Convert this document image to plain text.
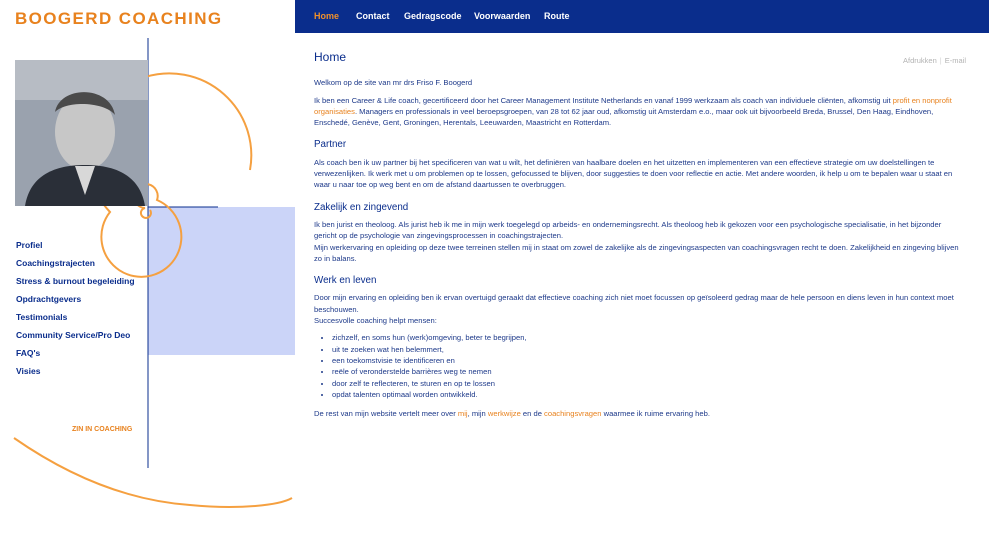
BOOGERD COACHING	Home Contact Gedragscode Voorwaarden Route
Profiel
Coachingstrajecten
Stress & burnout begeleiding
Opdrachtgevers
Testimonials
Community Service/Pro Deo
FAQ's
Visies
ZIN IN COACHING
Afdrukken | E-mail
Home

Welkom op de site van mr drs Friso F. Boogerd

Ik ben een Career & Life coach, gecertificeerd door het Career Management Institute Netherlands en vanaf 1999 werkzaam als coach van individuele cliënten, afkomstig uit profit en nonprofit organisaties. Managers en professionals in veel beroepsgroepen, van 28 tot 62 jaar oud, afkomstig uit Amsterdam e.o., maar ook uit bijvoorbeeld Breda, Brussel, Den Haag, Eindhoven, Enschedé, Genève, Gent, Groningen, Herentals, Leeuwarden, Maastricht en Rotterdam.

Partner

Als coach ben ik uw partner bij het specificeren van wat u wilt, het definiëren van haalbare doelen en het uitzetten en implementeren van een effectieve strategie om uw doelstellingen te verwezenlijken. Ik werk met u om problemen op te lossen, gefocussed te blijven, door suggesties te doen voor reflectie en actie. Met andere woorden, ik help u om te bepalen waar u staat en waar u naar toe op weg bent en om de afstand daartussen te overbruggen.

Zakelijk en zingevend

Ik ben jurist en theoloog. Als jurist heb ik me in mijn werk toegelegd op arbeids- en ondernemingsrecht. Als theoloog heb ik gekozen voor een psychologische specialisatie, in het bijzonder gericht op de psychologie van zingevingsprocessen in coachingstrajecten.
Mijn werkervaring en opleiding op deze twee terreinen stellen mij in staat om zowel de zakelijke als de zingevingsaspecten van coachingsvragen recht te doen. Zakelijkheid en zingeving blijven zo in balans.

Werk en leven

Door mijn ervaring en opleiding ben ik ervan overtuigd geraakt dat effectieve coaching zich niet moet focussen op geïsoleerd gedrag maar de hele persoon en diens leven in hun context moet beschouwen.
Succesvolle coaching helpt mensen:

• zichzelf, en soms hun (werk)omgeving, beter te begrijpen,
• uit te zoeken wat hen belemmert,
• een toekomstvisie te identificeren en
• reële of veronderstelde barrières weg te nemen
• door zelf te reflecteren, te sturen en op te lossen
• opdat talenten optimaal worden ontwikkeld.

De rest van mijn website vertelt meer over mij, mijn werkwijze en de coachingsvragen waarmee ik ruime ervaring heb.
